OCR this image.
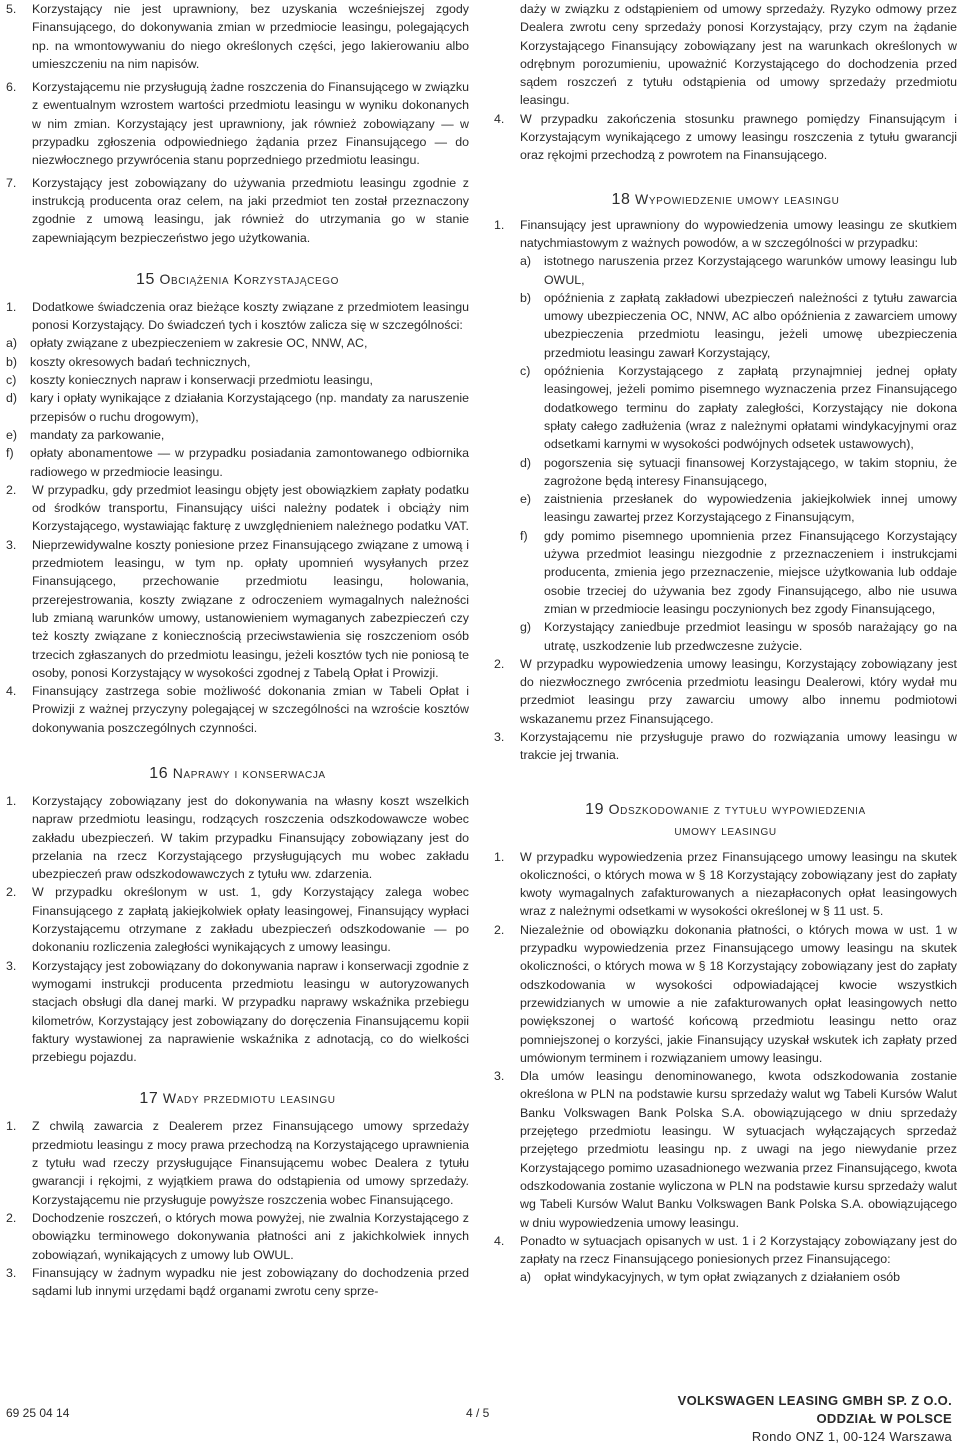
5.	Korzystający nie jest uprawniony, bez uzyskania wcześniejszej zgody Finansującego, do dokonywania zmian w przedmiocie leasingu, polegających np. na wmontowywaniu do niego określonych części, jego lakierowaniu albo umieszczeniu na nim napisów.
6.	Korzystającemu nie przysługują żadne roszczenia do Finansującego w związku z ewentualnym wzrostem wartości przedmiotu leasingu w wyniku dokonanych w nim zmian. Korzystający jest uprawniony, jak również zobowiązany — w przypadku zgłoszenia odpowiedniego żądania przez Finansującego — do niezwłocznego przywrócenia stanu poprzedniego przedmiotu leasingu.
7.	Korzystający jest zobowiązany do używania przedmiotu leasingu zgodnie z instrukcją producenta oraz celem, na jaki przedmiot ten został przeznaczony zgodnie z umową leasingu, jak również do utrzymania go w stanie zapewniającym bezpieczeństwo jego użytkowania.
15 Obciążenia Korzystającego
1.	Dodatkowe świadczenia oraz bieżące koszty związane z przedmiotem leasingu ponosi Korzystający. Do świadczeń tych i kosztów zalicza się w szczególności:
a)	opłaty związane z ubezpieczeniem w zakresie OC, NNW, AC,
b)	koszty okresowych badań technicznych,
c)	koszty koniecznych napraw i konserwacji przedmiotu leasingu,
d)	kary i opłaty wynikające z działania Korzystającego (np. mandaty za naruszenie przepisów o ruchu drogowym),
e)	mandaty za parkowanie,
f)	opłaty abonamentowe — w przypadku posiadania zamontowanego odbiornika radiowego w przedmiocie leasingu.
2.	W przypadku, gdy przedmiot leasingu objęty jest obowiązkiem zapłaty podatku od środków transportu, Finansujący uiści należny podatek i obciąży nim Korzystającego, wystawiając fakturę z uwzględnieniem należnego podatku VAT.
3.	Nieprzewidywalne koszty poniesione przez Finansującego związane z umową i przedmiotem leasingu, w tym np. opłaty upomnień wysyłanych przez Finansującego, przechowanie przedmiotu leasingu, holowania, przerejestrowania, koszty związane z odroczeniem wymagalnych należności lub zmianą warunków umowy, ustanowieniem wymaganych zabezpieczeń czy też koszty związane z koniecznością przeciwstawienia się roszczeniom osób trzecich zgłaszanych do przedmiotu leasingu, jeżeli kosztów tych nie poniosą te osoby, ponosi Korzystający w wysokości zgodnej z Tabelą Opłat i Prowizji.
4.	Finansujący zastrzega sobie możliwość dokonania zmian w Tabeli Opłat i Prowizji z ważnej przyczyny polegającej w szczególności na wzroście kosztów dokonywania poszczególnych czynności.
16 Naprawy i konserwacja
1.	Korzystający zobowiązany jest do dokonywania na własny koszt wszelkich napraw przedmiotu leasingu, rodzących roszczenia odszkodowawcze wobec zakładu ubezpieczeń. W takim przypadku Finansujący zobowiązany jest do przelania na rzecz Korzystającego przysługujących mu wobec zakładu ubezpieczeń praw odszkodowawczych z tytułu ww. zdarzenia.
2.	W przypadku określonym w ust. 1, gdy Korzystający zalega wobec Finansującego z zapłatą jakiejkolwiek opłaty leasingowej, Finansujący wypłaci Korzystającemu otrzymane z zakładu ubezpieczeń odszkodowanie — po dokonaniu rozliczenia zaległości wynikających z umowy leasingu.
3.	Korzystający jest zobowiązany do dokonywania napraw i konserwacji zgodnie z wymogami instrukcji producenta przedmiotu leasingu w autoryzowanych stacjach obsługi dla danej marki. W przypadku naprawy wskaźnika przebiegu kilometrów, Korzystający jest zobowiązany do doręczenia Finansującemu kopii faktury wystawionej za naprawienie wskaźnika z adnotacją, co do wielkości przebiegu pojazdu.
17 Wady przedmiotu leasingu
1.	Z chwilą zawarcia z Dealerem przez Finansującego umowy sprzedaży przedmiotu leasingu z mocy prawa przechodzą na Korzystającego uprawnienia z tytułu wad rzeczy przysługujące Finansującemu wobec Dealera z tytułu gwarancji i rękojmi, z wyjątkiem prawa do odstąpienia od umowy sprzedaży. Korzystającemu nie przysługuje powyższe roszczenia wobec Finansującego.
2.	Dochodzenie roszczeń, o których mowa powyżej, nie zwalnia Korzystającego z obowiązku terminowego dokonywania płatności ani z jakichkolwiek innych zobowiązań, wynikających z umowy lub OWUL.
3.	Finansujący w żadnym wypadku nie jest zobowiązany do dochodzenia przed sądami lub innymi urzędami bądź organami zwrotu ceny sprze-
daży w związku z odstąpieniem od umowy sprzedaży. Ryzyko odmowy przez Dealera zwrotu ceny sprzedaży ponosi Korzystający, przy czym na żądanie Korzystającego Finansujący zobowiązany jest na warunkach określonych w odrębnym porozumieniu, upoważnić Korzystającego do dochodzenia przed sądem roszczeń z tytułu odstąpienia od umowy sprzedaży przedmiotu leasingu.
4.	W przypadku zakończenia stosunku prawnego pomiędzy Finansującym i Korzystającym wynikającego z umowy leasingu roszczenia z tytułu gwarancji oraz rękojmi przechodzą z powrotem na Finansującego.
18 Wypowiedzenie umowy leasingu
1.	Finansujący jest uprawniony do wypowiedzenia umowy leasingu ze skutkiem natychmiastowym z ważnych powodów, a w szczególności w przypadku:
a)	istotnego naruszenia przez Korzystającego warunków umowy leasingu lub OWUL,
b)	opóźnienia z zapłatą zakładowi ubezpieczeń należności z tytułu zawarcia umowy ubezpieczenia OC, NNW, AC albo opóźnienia z zawarciem umowy ubezpieczenia przedmiotu leasingu, jeżeli umowę ubezpieczenia przedmiotu leasingu zawarł Korzystający,
c)	opóźnienia Korzystającego z zapłatą przynajmniej jednej opłaty leasingowej, jeżeli pomimo pisemnego wyznaczenia przez Finansującego dodatkowego terminu do zapłaty zaległości, Korzystający nie dokona spłaty całego zadłużenia (wraz z należnymi opłatami windykacyjnymi oraz odsetkami karnymi w wysokości podwójnych odsetek ustawowych),
d)	pogorszenia się sytuacji finansowej Korzystającego, w takim stopniu, że zagrożone będą interesy Finansującego,
e)	zaistnienia przesłanek do wypowiedzenia jakiejkolwiek innej umowy leasingu zawartej przez Korzystającego z Finansującym,
f)	gdy pomimo pisemnego upomnienia przez Finansującego Korzystający używa przedmiot leasingu niezgodnie z przeznaczeniem i instrukcjami producenta, zmienia jego przeznaczenie, miejsce użytkowania lub oddaje osobie trzeciej do używania bez zgody Finansującego, albo nie usuwa zmian w przedmiocie leasingu poczynionych bez zgody Finansującego,
g)	Korzystający zaniedbuje przedmiot leasingu w sposób narażający go na utratę, uszkodzenie lub przedwczesne zużycie.
2.	W przypadku wypowiedzenia umowy leasingu, Korzystający zobowiązany jest do niezwłocznego zwrócenia przedmiotu leasingu Dealerowi, który wydał mu przedmiot leasingu przy zawarciu umowy albo innemu podmiotowi wskazanemu przez Finansującego.
3.	Korzystającemu nie przysługuje prawo do rozwiązania umowy leasingu w trakcie jej trwania.
19 Odszkodowanie z tytułu wypowiedzenia
umowy leasingu
1.	W przypadku wypowiedzenia przez Finansującego umowy leasingu na skutek okoliczności, o których mowa w § 18 Korzystający zobowiązany jest do zapłaty kwoty wymagalnych zafakturowanych a niezapłaconych opłat leasingowych wraz z należnymi odsetkami w wysokości określonej w § 11 ust. 5.
2.	Niezależnie od obowiązku dokonania płatności, o których mowa w ust. 1 w przypadku wypowiedzenia przez Finansującego umowy leasingu na skutek okoliczności, o których mowa w § 18 Korzystający zobowiązany jest do zapłaty odszkodowania w wysokości odpowiadającej kwocie wszystkich przewidzianych w umowie a nie zafakturowanych opłat leasingowych netto powiększonej o wartość końcową przedmiotu leasingu netto oraz pomniejszonej o korzyści, jakie Finansujący uzyskał wskutek ich zapłaty przed umówionym terminem i rozwiązaniem umowy leasingu.
3.	Dla umów leasingu denominowanego, kwota odszkodowania zostanie określona w PLN na podstawie kursu sprzedaży walut wg Tabeli Kursów Walut Banku Volkswagen Bank Polska S.A. obowiązującego w dniu sprzedaży przejętego przedmiotu leasingu. W sytuacjach wyłączających sprzedaż przejętego przedmiotu leasingu np. z uwagi na jego niewydanie przez Korzystającego pomimo uzasadnionego wezwania przez Finansującego, kwota odszkodowania zostanie wyliczona w PLN na podstawie kursu sprzedaży walut wg Tabeli Kursów Walut Banku Volkswagen Bank Polska S.A. obowiązującego w dniu wypowiedzenia umowy leasingu.
4.	Ponadto w sytuacjach opisanych w ust. 1 i 2 Korzystający zobowiązany jest do zapłaty na rzecz Finansującego poniesionych przez Finansującego:
a)	opłat windykacyjnych, w tym opłat związanych z działaniem osób
69 25 04 14	4 / 5
VOLKSWAGEN LEASING GMBH SP. Z O.O.
ODDZIAŁ W POLSCE
Rondo ONZ 1, 00-124 Warszawa
